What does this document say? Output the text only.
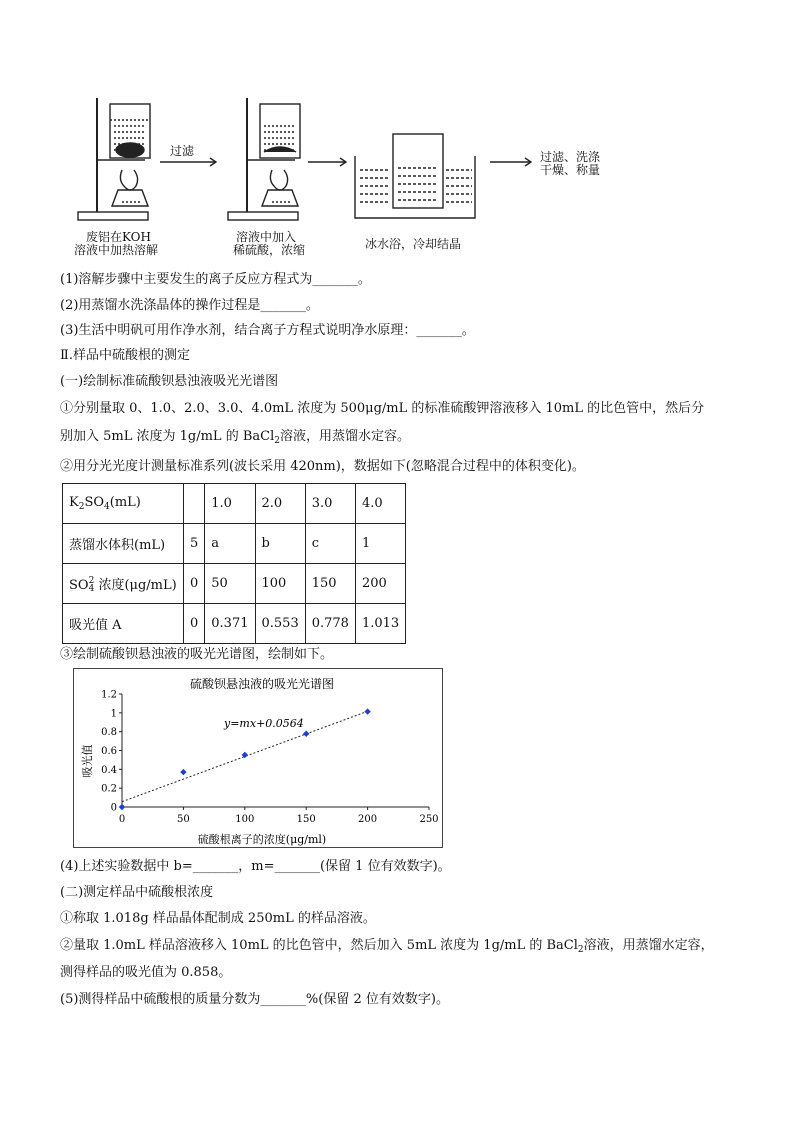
过滤	过滤、洗涤
干燥、称量
废铝在KOH
溶液中加热溶解
溶液中加入
稀硫酸，浓缩	冰水浴，冷却结晶
(1)溶解步骤中主要发生的离子反应方程式为_______。
(2)用蒸馏水洗涤晶体的操作过程是_______。
(3)生活中明矾可用作净水剂，结合离子方程式说明净水原理：_______。
Ⅱ.样品中硫酸根的测定
(一)绘制标准硫酸钡悬浊液吸光光谱图
①分别量取 0、1.0、2.0、3.0、4.0mL 浓度为 500μg/mL 的标准硫酸钾溶液移入 10mL 的比色管中，然后分
别加入 5mL 浓度为 1g/mL 的 BaCl$_2$溶液，用蒸馏水定容。
②用分光光度计测量标准系列(波长采用 420nm)，数据如下(忽略混合过程中的体积变化)。
$K_2SO_4(mL)$		1.0	2.0	3.0	4.0
蒸馏水体积(mL)	5	a	b	c	1
SO2
4 浓度(μg/mL)	0	50	100	150	200
吸光值 A	0	0.371	0.553	0.778	1.013
③绘制硫酸钡悬浊液的吸光光谱图，绘制如下。
硫酸钡悬浊液的吸光光谱图
y=mx+0.0564
吸光值
硫酸根离子的浓度(μg/ml)
0	50	100	150	200	250
0
0.2
0.4
0.6
0.8
1
1.2
(4)上述实验数据中 b=_______，m=_______(保留 1 位有效数字)。
(二)测定样品中硫酸根浓度
①称取 1.018g 样品晶体配制成 250mL 的样品溶液。
②量取 1.0mL 样品溶液移入 10mL 的比色管中，然后加入 5mL 浓度为 1g/mL 的 BaCl$_2$溶液，用蒸馏水定容，
测得样品的吸光值为 0.858。
(5)测得样品中硫酸根的质量分数为_______%(保留 2 位有效数字)。
